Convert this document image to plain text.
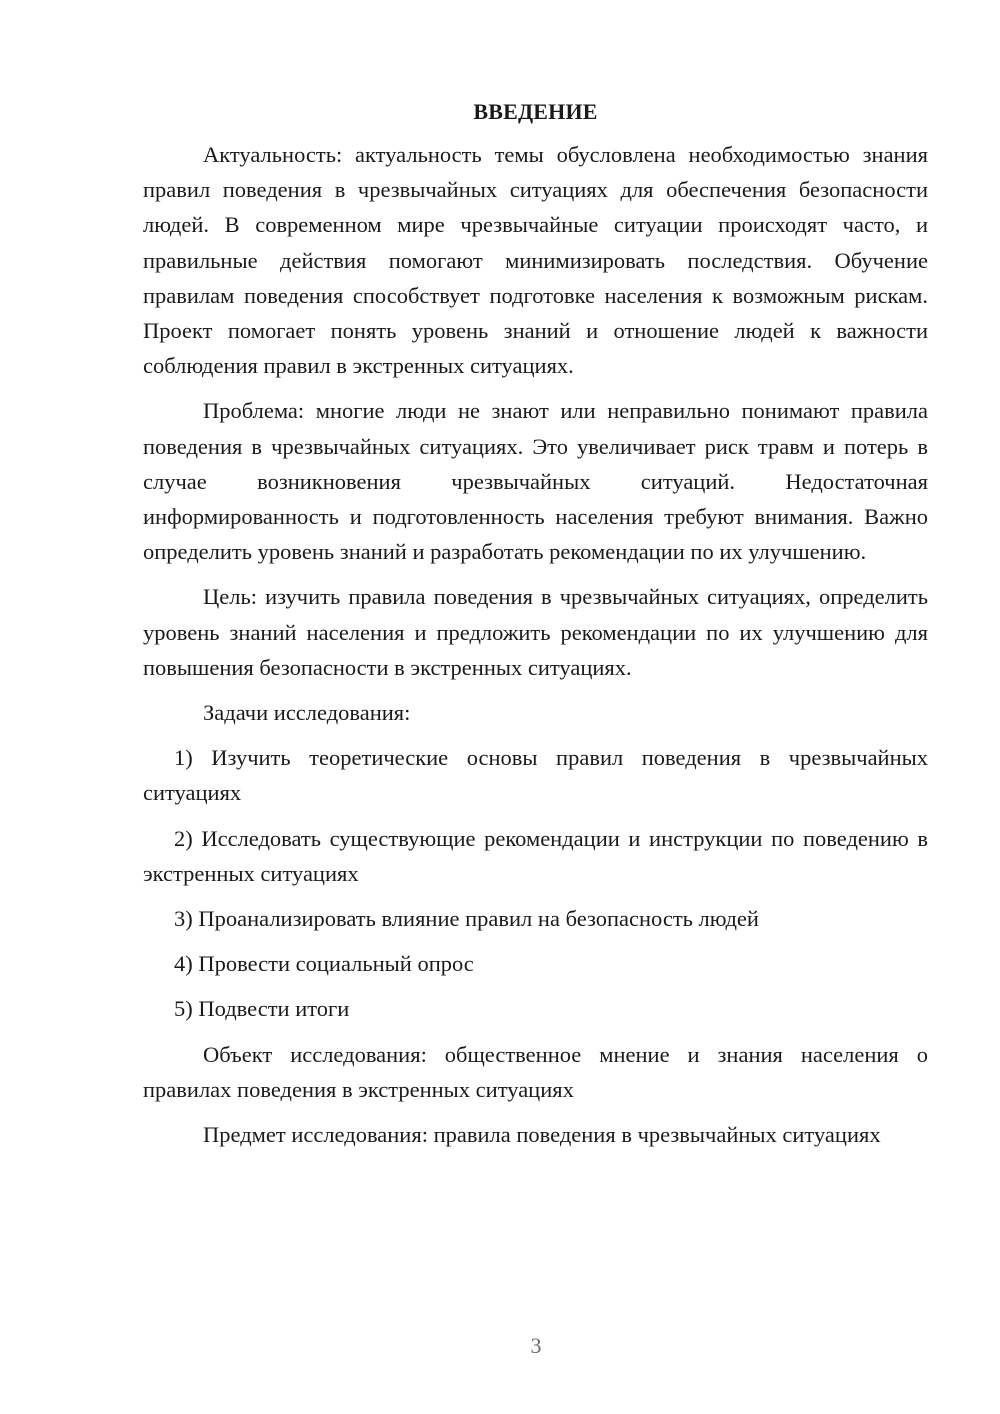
ВВЕДЕНИЕ

Актуальность: актуальность темы обусловлена необходимостью знания правил поведения в чрезвычайных ситуациях для обеспечения безопасности людей. В современном мире чрезвычайные ситуации происходят часто, и правильные действия помогают минимизировать последствия. Обучение правилам поведения способствует подготовке населения к возможным рискам. Проект помогает понять уровень знаний и отношение людей к важности соблюдения правил в экстренных ситуациях.

Проблема: многие люди не знают или неправильно понимают правила поведения в чрезвычайных ситуациях. Это увеличивает риск травм и потерь в случае возникновения чрезвычайных ситуаций. Недостаточная информированность и подготовленность населения требуют внимания. Важно определить уровень знаний и разработать рекомендации по их улучшению.

Цель: изучить правила поведения в чрезвычайных ситуациях, определить уровень знаний населения и предложить рекомендации по их улучшению для повышения безопасности в экстренных ситуациях.

Задачи исследования:

1) Изучить теоретические основы правил поведения в чрезвычайных ситуациях

2) Исследовать существующие рекомендации и инструкции по поведению в экстренных ситуациях

3) Проанализировать влияние правил на безопасность людей

4) Провести социальный опрос

5) Подвести итоги

Объект исследования: общественное мнение и знания населения о правилах поведения в экстренных ситуациях

Предмет исследования: правила поведения в чрезвычайных ситуациях

3
